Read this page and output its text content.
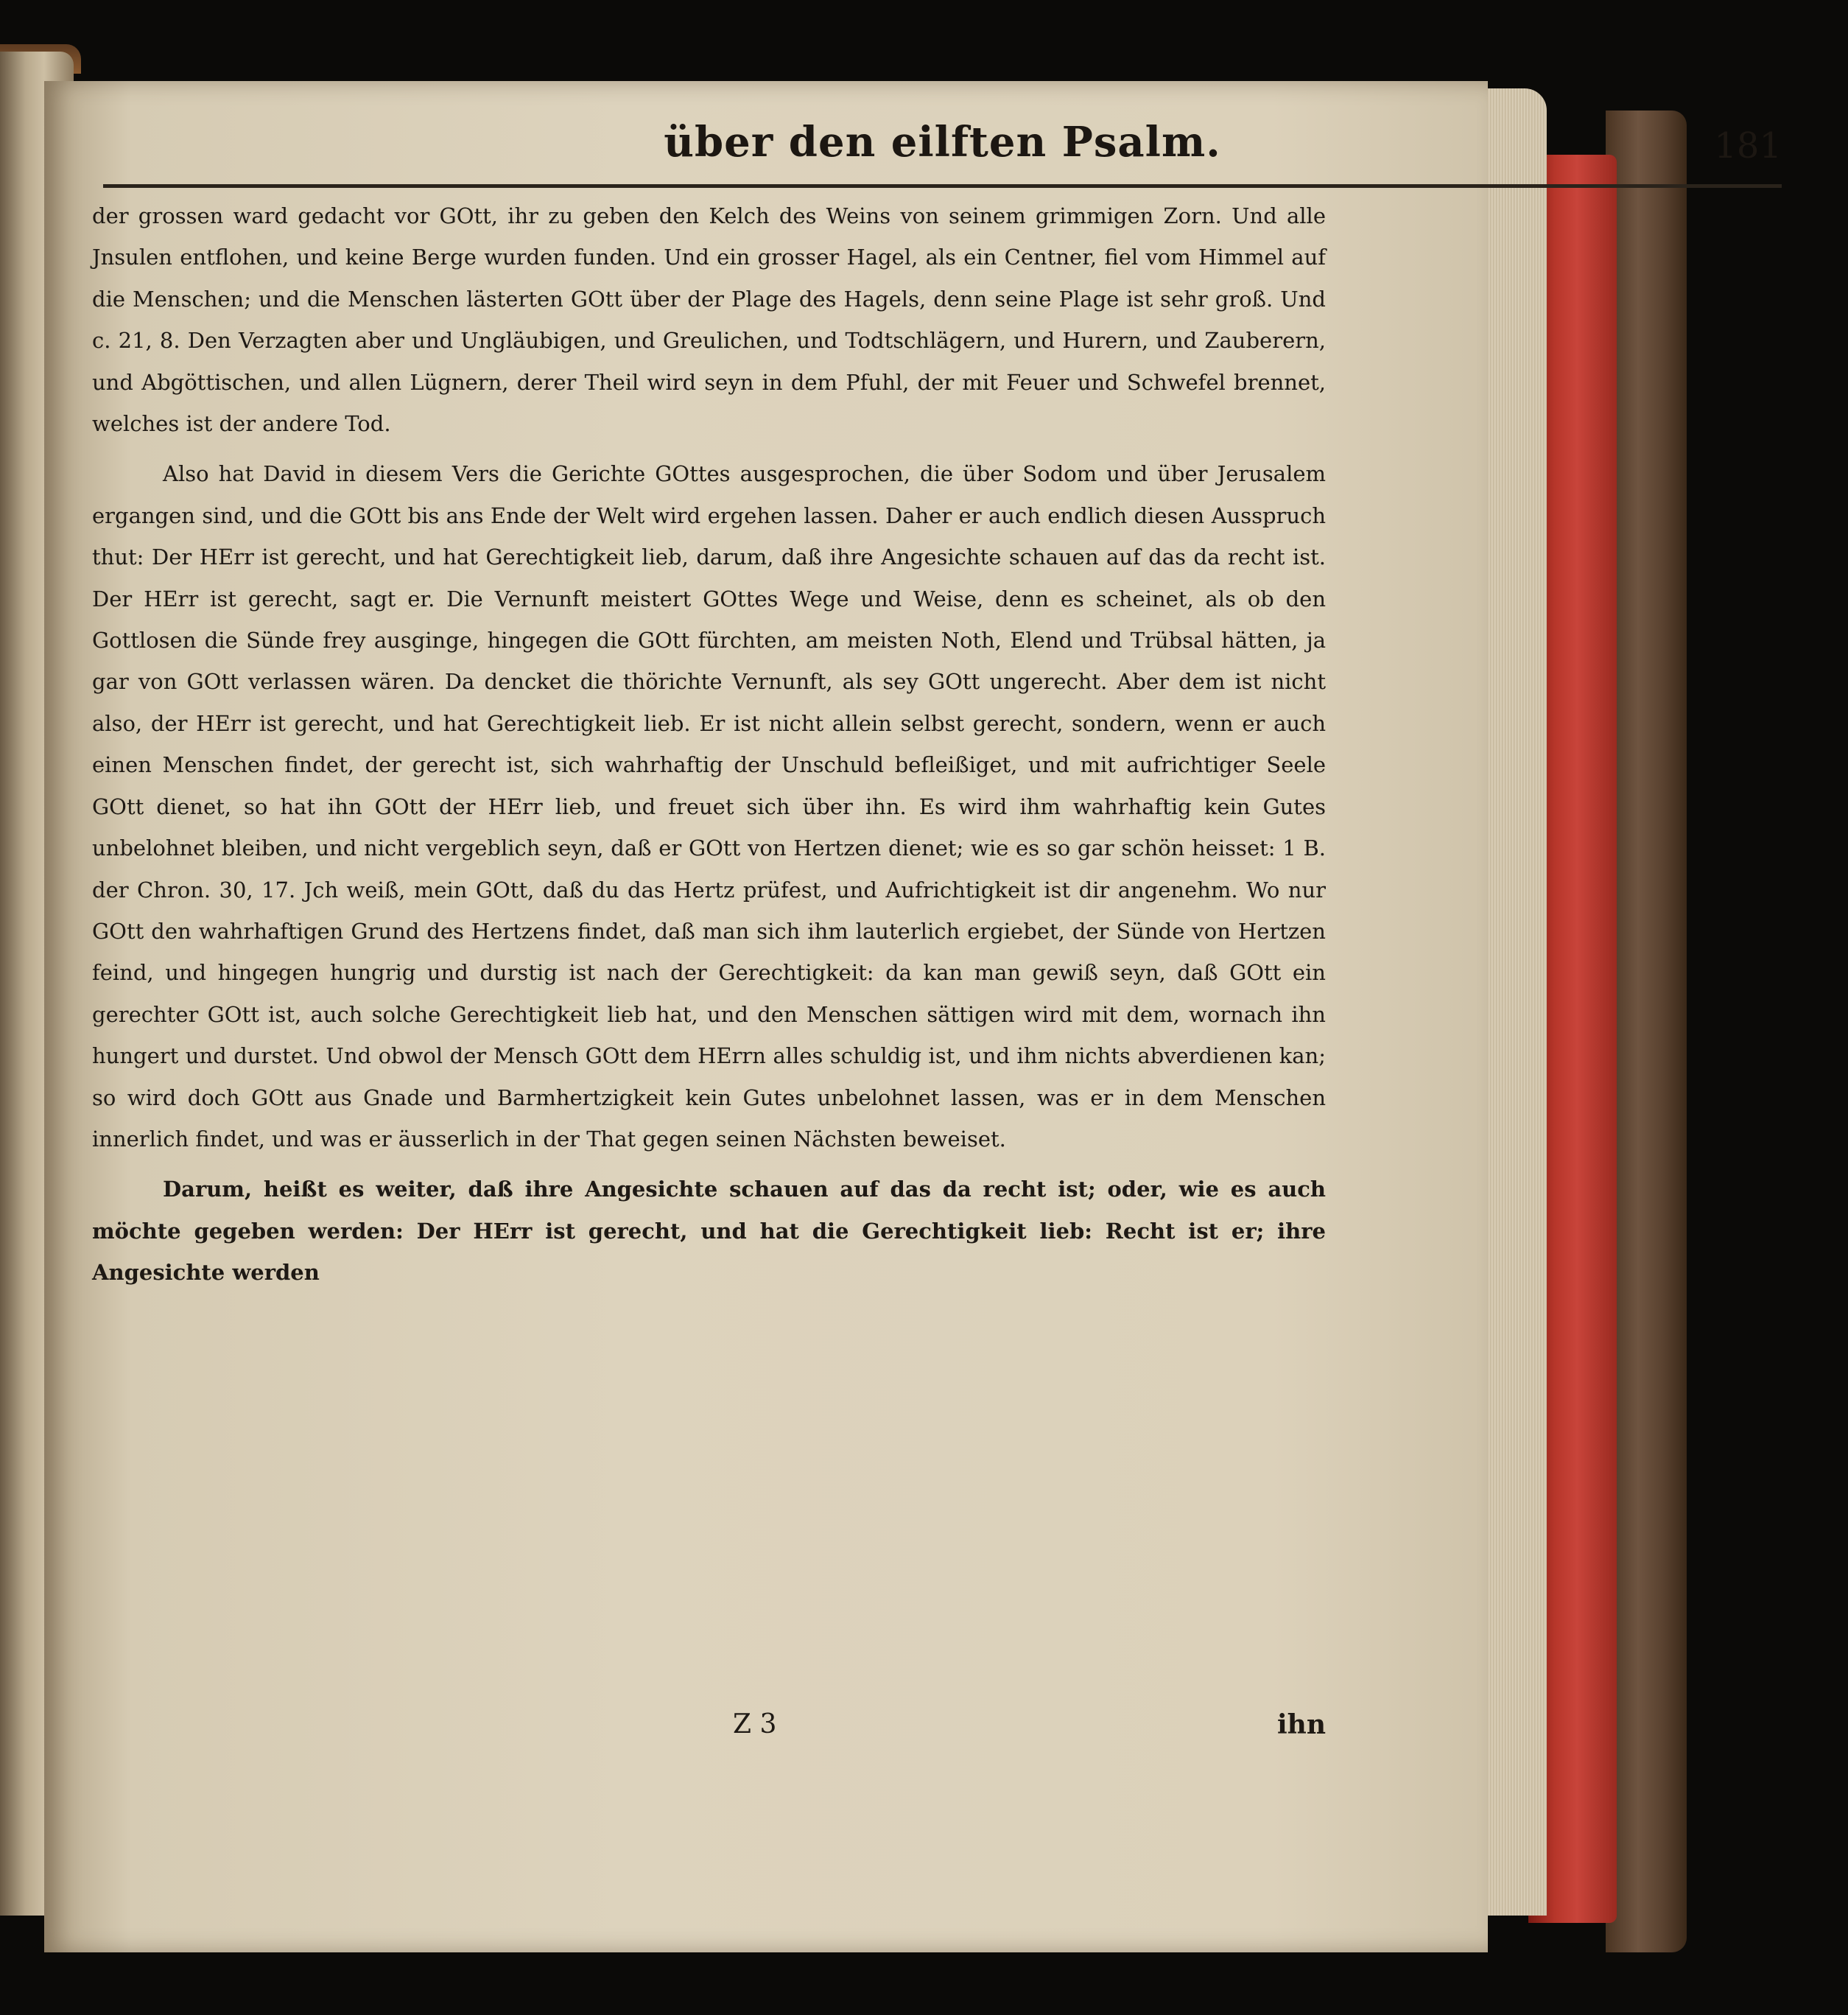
über den eilften Psalm.	181

der grossen ward gedacht vor GOtt, ihr zu geben den Kelch des Weins von seinem grimmigen Zorn. Und alle Jnsulen entflohen, und keine Berge wurden funden. Und ein grosser Hagel, als ein Centner, fiel vom Himmel auf die Menschen; und die Menschen lästerten GOtt über der Plage des Hagels, denn seine Plage ist sehr groß. Und c. 21, 8. Den Verzagten aber und Ungläubigen, und Greulichen, und Todtschlägern, und Hurern, und Zauberern, und Abgöttischen, und allen Lügnern, derer Theil wird seyn in dem Pfuhl, der mit Feuer und Schwefel brennet, welches ist der andere Tod.

Also hat David in diesem Vers die Gerichte GOttes ausgesprochen, die über Sodom und über Jerusalem ergangen sind, und die GOtt bis ans Ende der Welt wird ergehen lassen. Daher er auch endlich diesen Ausspruch thut: Der HErr ist gerecht, und hat Gerechtigkeit lieb, darum, daß ihre Angesichte schauen auf das da recht ist. Der HErr ist gerecht, sagt er. Die Vernunft meistert GOttes Wege und Weise, denn es scheinet, als ob den Gottlosen die Sünde frey ausginge, hingegen die GOtt fürchten, am meisten Noth, Elend und Trübsal hätten, ja gar von GOtt verlassen wären. Da dencket die thörichte Vernunft, als sey GOtt ungerecht. Aber dem ist nicht also, der HErr ist gerecht, und hat Gerechtigkeit lieb. Er ist nicht allein selbst gerecht, sondern, wenn er auch einen Menschen findet, der gerecht ist, sich wahrhaftig der Unschuld befleißiget, und mit aufrichtiger Seele GOtt dienet, so hat ihn GOtt der HErr lieb, und freuet sich über ihn. Es wird ihm wahrhaftig kein Gutes unbelohnet bleiben, und nicht vergeblich seyn, daß er GOtt von Hertzen dienet; wie es so gar schön heisset: 1 B. der Chron. 30, 17. Jch weiß, mein GOtt, daß du das Hertz prüfest, und Aufrichtigkeit ist dir angenehm. Wo nur GOtt den wahrhaftigen Grund des Hertzens findet, daß man sich ihm lauterlich ergiebet, der Sünde von Hertzen feind, und hingegen hungrig und durstig ist nach der Gerechtigkeit: da kan man gewiß seyn, daß GOtt ein gerechter GOtt ist, auch solche Gerechtigkeit lieb hat, und den Menschen sättigen wird mit dem, wornach ihn hungert und durstet. Und obwol der Mensch GOtt dem HErrn alles schuldig ist, und ihm nichts abverdienen kan; so wird doch GOtt aus Gnade und Barmhertzigkeit kein Gutes unbelohnet lassen, was er in dem Menschen innerlich findet, und was er äusserlich in der That gegen seinen Nächsten beweiset.

Darum, heißt es weiter, daß ihre Angesichte schauen auf das da recht ist; oder, wie es auch möchte gegeben werden: Der HErr ist gerecht, und hat die Gerechtigkeit lieb: Recht ist er; ihre Angesichte werden

Z 3	ihn
